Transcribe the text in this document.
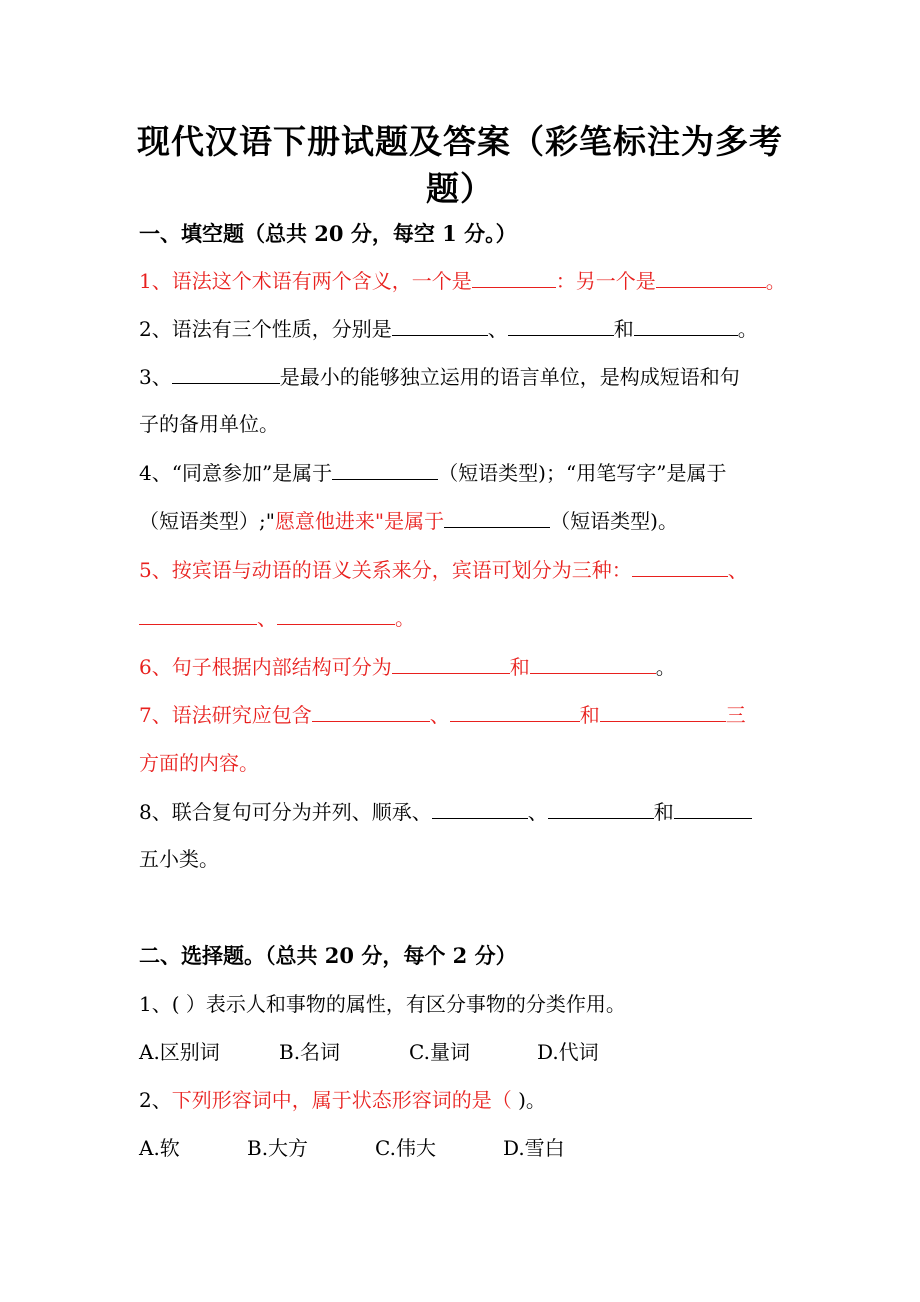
现代汉语下册试题及答案（彩笔标注为多考
题）
一、填空题（总共 20 分，每空 1 分。）
1、语法这个术语有两个含义，一个是	：另一个是	。
2、语法有三个性质，分别是	、	和	。
3、	是最小的能够独立运用的语言单位，是构成短语和句
子的备用单位。
4、“同意参加”是属于	（短语类型)；“用笔写字”是属于
（短语类型）;"愿意他进来"是属于	（短语类型)。
5、按宾语与动语的语义关系来分，宾语可划分为三种：	、
、	。
6、句子根据内部结构可分为	和	。
7、语法研究应包含	、	和	三
方面的内容。
8、联合复句可分为并列、顺承、	、	和
五小类。
二、选择题。（总共 20 分，每个 2 分）
1、( ）表示人和事物的属性，有区分事物的分类作用。
A.区别词	B.名词	C.量词	D.代词
2、下列形容词中，属于状态形容词的是（ )。
A.软	B.大方	C.伟大	D.雪白
